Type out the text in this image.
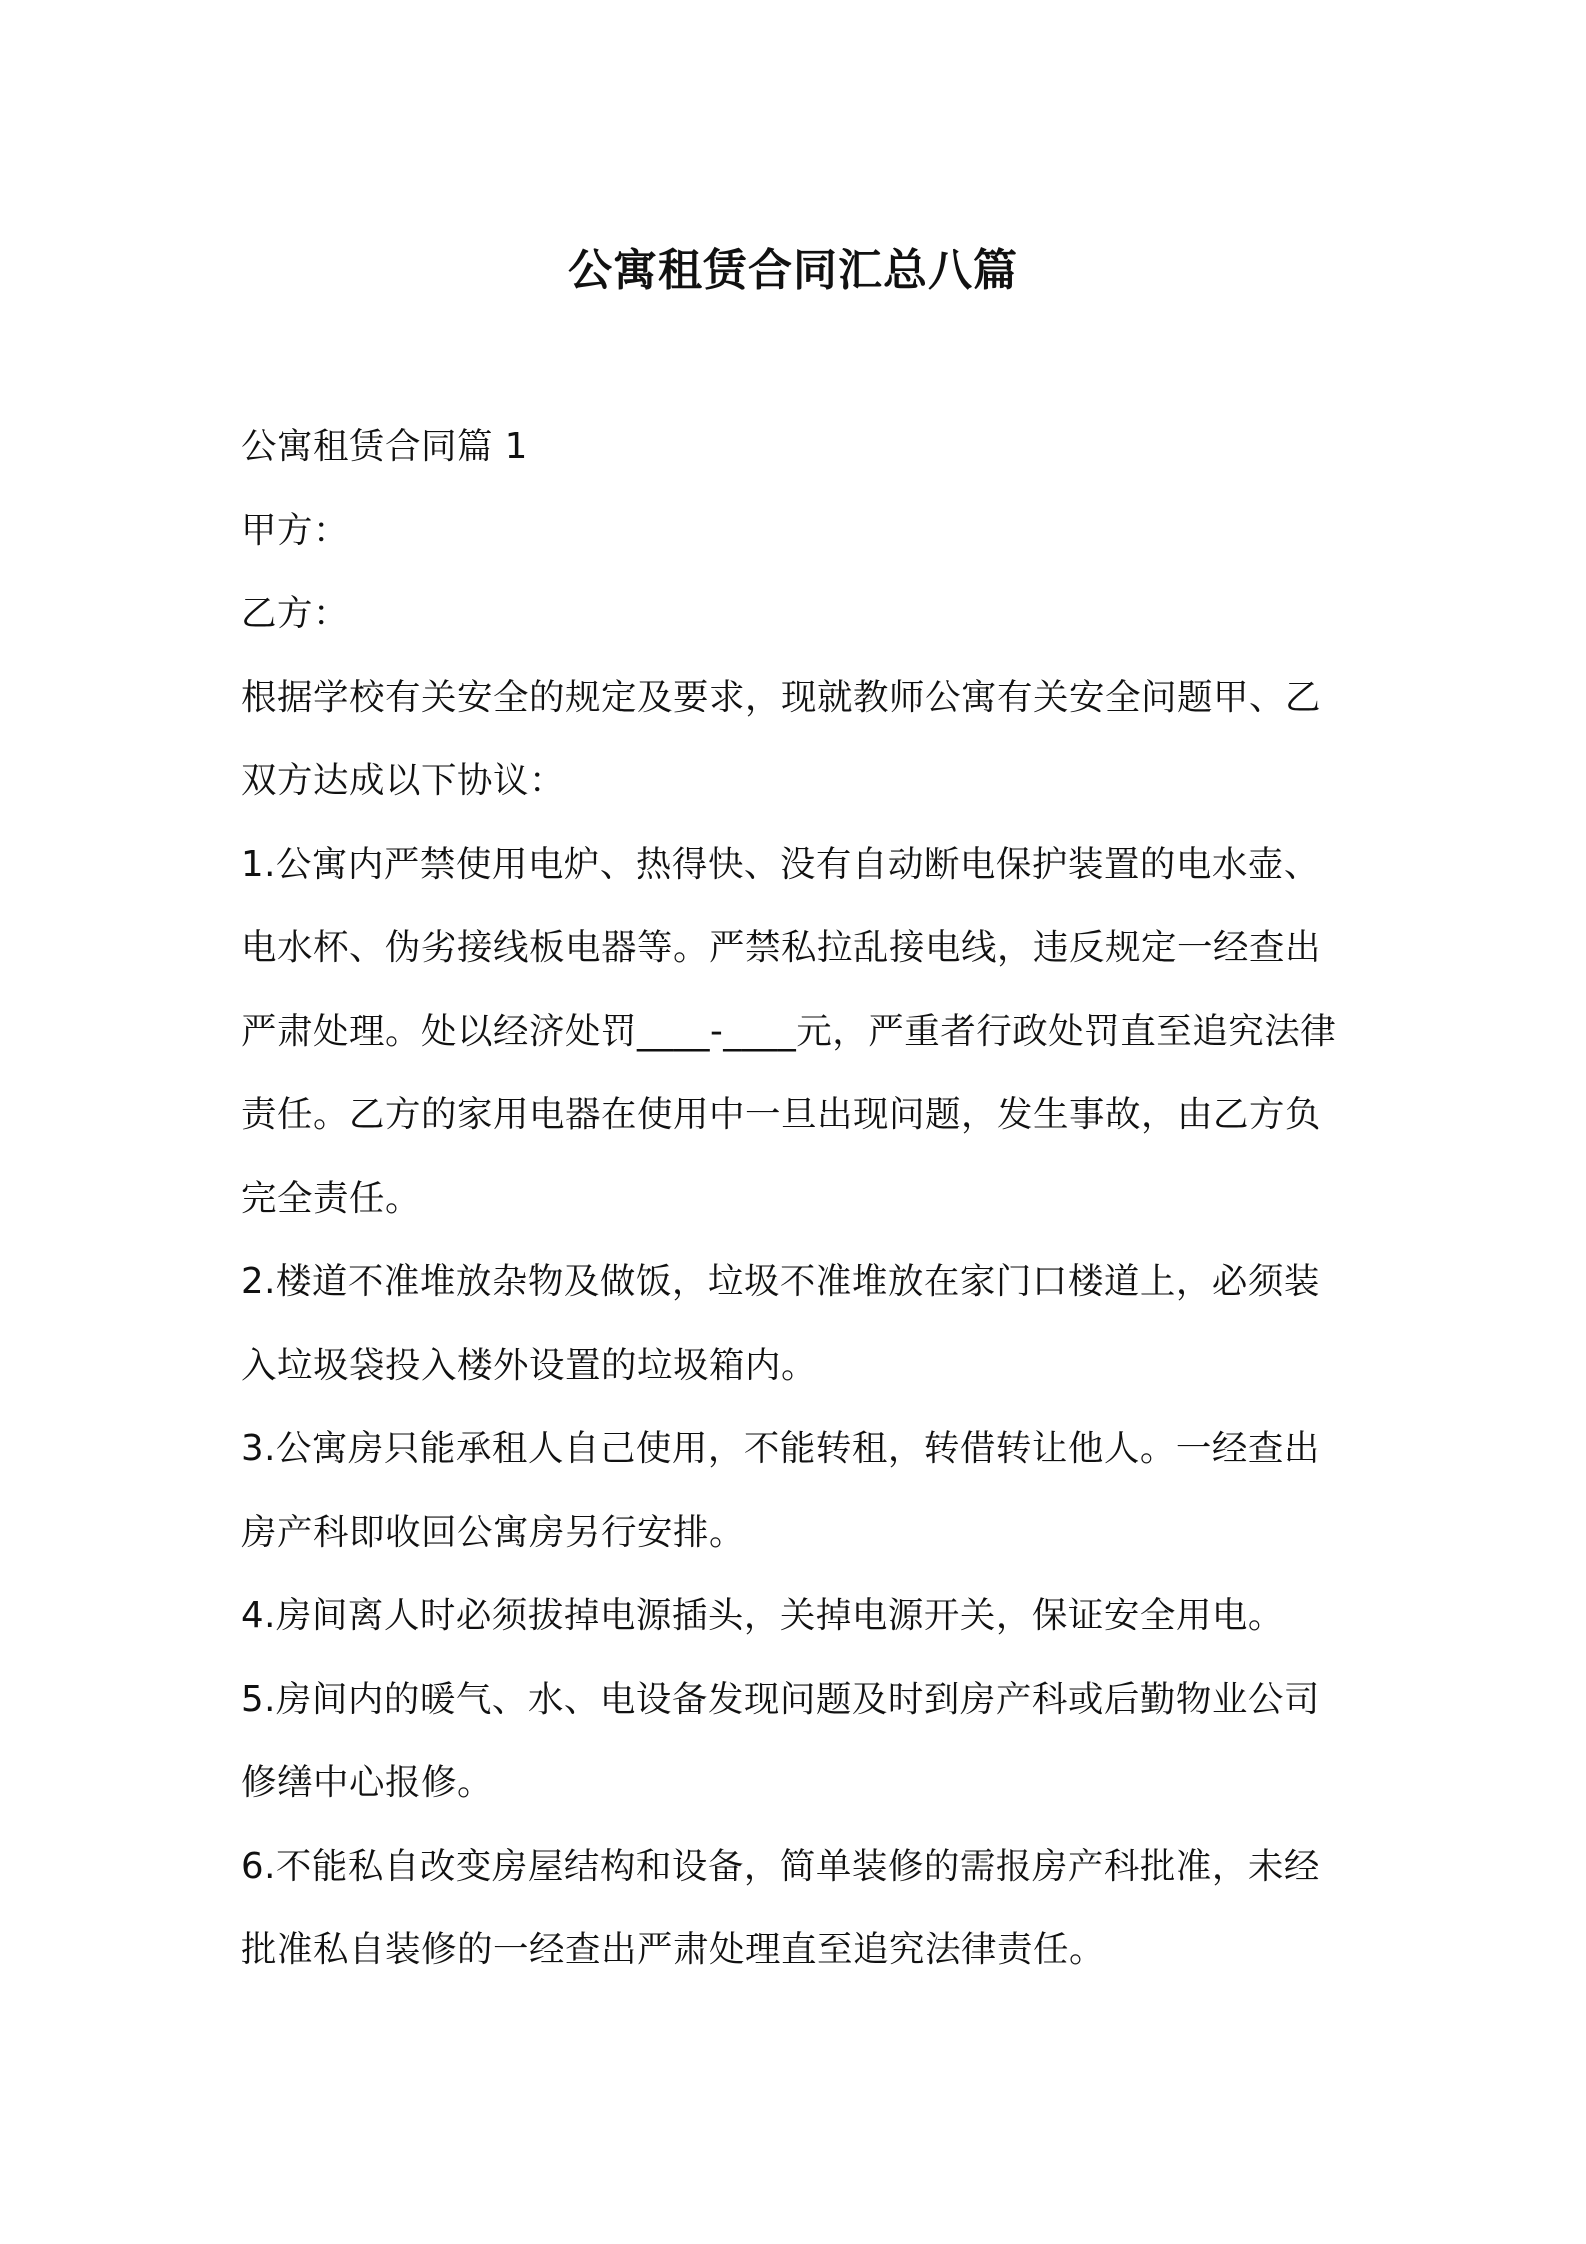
公寓租赁合同汇总八篇

公寓租赁合同篇 1

甲方：

乙方：

根据学校有关安全的规定及要求，现就教师公寓有关安全问题甲、乙双方达成以下协议：

1.公寓内严禁使用电炉、热得快、没有自动断电保护装置的电水壶、电水杯、伪劣接线板电器等。严禁私拉乱接电线，违反规定一经查出严肃处理。处以经济处罚____-____元，严重者行政处罚直至追究法律责任。乙方的家用电器在使用中一旦出现问题，发生事故，由乙方负完全责任。

2.楼道不准堆放杂物及做饭，垃圾不准堆放在家门口楼道上，必须装入垃圾袋投入楼外设置的垃圾箱内。

3.公寓房只能承租人自己使用，不能转租，转借转让他人。一经查出房产科即收回公寓房另行安排。

4.房间离人时必须拔掉电源插头，关掉电源开关，保证安全用电。

5.房间内的暖气、水、电设备发现问题及时到房产科或后勤物业公司修缮中心报修。

6.不能私自改变房屋结构和设备，简单装修的需报房产科批准，未经批准私自装修的一经查出严肃处理直至追究法律责任。
